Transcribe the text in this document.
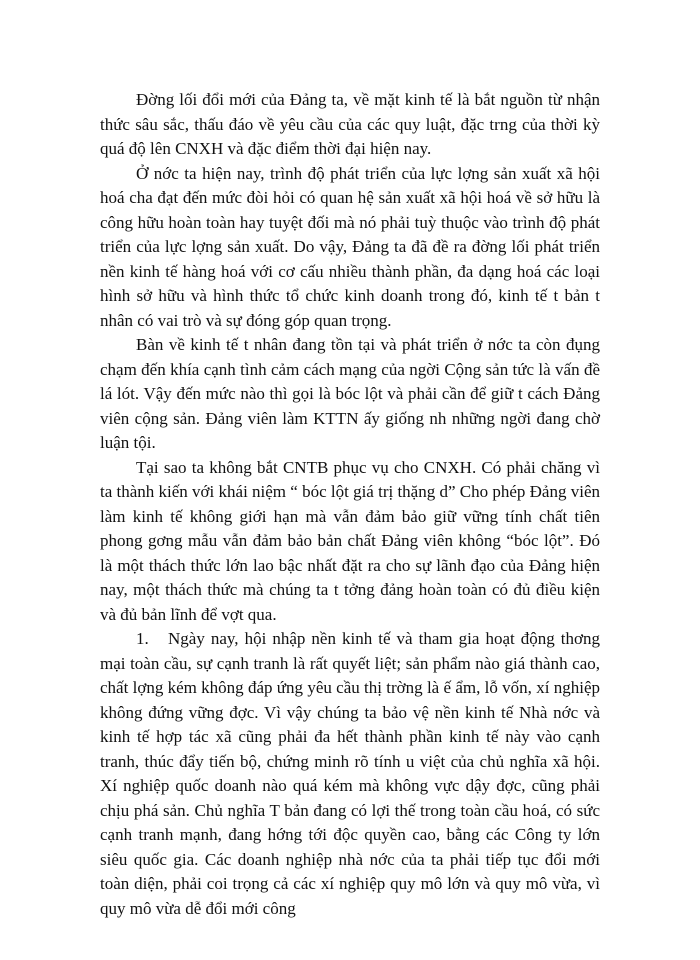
Đờng lối đổi mới của Đảng ta, về mặt kinh tế là bắt nguồn từ nhận thức sâu sắc, thấu đáo về yêu cầu của các quy luật, đặc trng của thời kỳ quá độ lên CNXH và đặc điểm thời đại hiện nay.

Ở nớc ta hiện nay, trình độ phát triển của lực lợng sản xuất xã hội hoá cha đạt đến mức đòi hỏi có quan hệ sản xuất xã hội hoá về sở hữu là công hữu hoàn toàn hay tuyệt đối mà nó phải tuỳ thuộc vào trình độ phát triển của lực lợng sản xuất. Do vậy, Đảng ta đã đề ra đờng lối phát triển nền kinh tế hàng hoá với cơ cấu nhiều thành phần, đa dạng hoá các loại hình sở hữu và hình thức tổ chức kinh doanh trong đó, kinh tế t bản t nhân có vai trò và sự đóng góp quan trọng.

Bàn về kinh tế t nhân đang tồn tại và phát triển ở nớc ta còn đụng chạm đến khía cạnh tình cảm cách mạng của ngời Cộng sản tức là vấn đề lá lót. Vậy đến mức nào thì gọi là bóc lột và phải cần để giữ t cách Đảng viên cộng sản. Đảng viên làm KTTN ấy giống nh những ngời đang chờ luận tội.

Tại sao ta không bắt CNTB phục vụ cho CNXH. Có phải chăng vì ta thành kiến với khái niệm “ bóc lột giá trị thặng d” Cho phép Đảng viên làm kinh tế không giới hạn mà vẫn đảm bảo giữ vững tính chất tiên phong gơng mẫu vẫn đảm bảo bản chất Đảng viên không “bóc lột”. Đó là một thách thức lớn lao bậc nhất đặt ra cho sự lãnh đạo của Đảng hiện nay, một thách thức mà chúng ta t tởng đảng hoàn toàn có đủ điều kiện và đủ bản lĩnh để vợt qua.

1. Ngày nay, hội nhập nền kinh tế và tham gia hoạt động thơng mại toàn cầu, sự cạnh tranh là rất quyết liệt; sản phẩm nào giá thành cao, chất lợng kém không đáp ứng yêu cầu thị trờng là ế ẩm, lỗ vốn, xí nghiệp không đứng vững đợc. Vì vậy chúng ta bảo vệ nền kinh tế Nhà nớc và kinh tế hợp tác xã cũng phải đa hết thành phần kinh tế này vào cạnh tranh, thúc đẩy tiến bộ, chứng minh rõ tính u việt của chủ nghĩa xã hội. Xí nghiệp quốc doanh nào quá kém mà không vực dậy đợc, cũng phải chịu phá sản. Chủ nghĩa T bản đang có lợi thế trong toàn cầu hoá, có sức cạnh tranh mạnh, đang hớng tới độc quyền cao, bằng các Công ty lớn siêu quốc gia. Các doanh nghiệp nhà nớc của ta phải tiếp tục đổi mới toàn diện, phải coi trọng cả các xí nghiệp quy mô lớn và quy mô vừa, vì quy mô vừa dễ đổi mới công
